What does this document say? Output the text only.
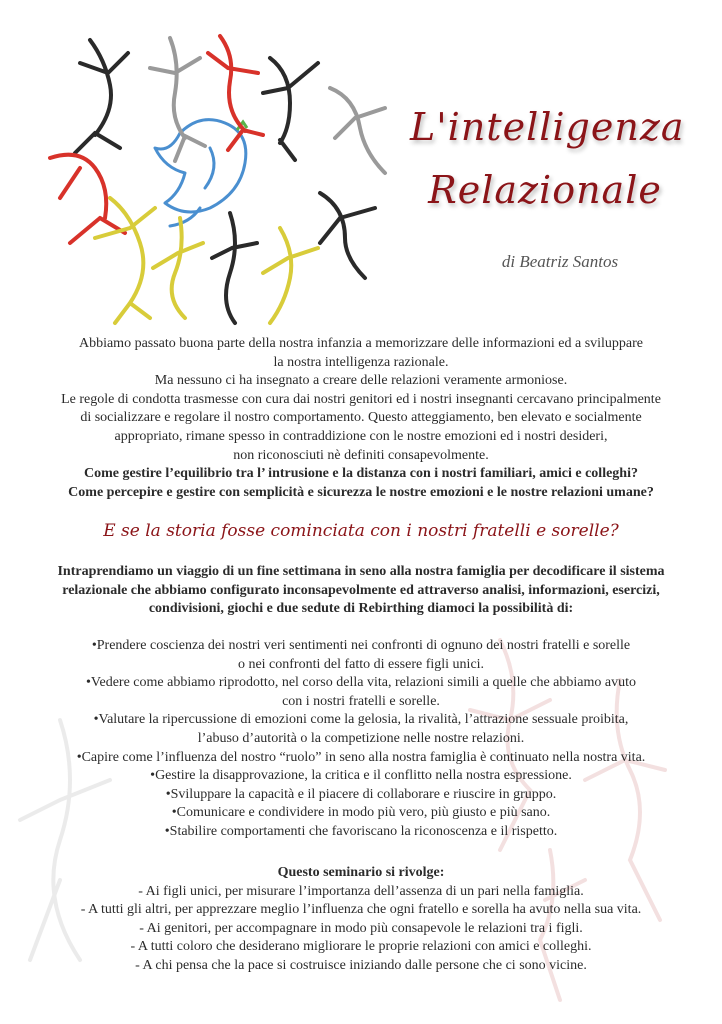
L'intelligenza
Relazionale
di Beatriz Santos
Abbiamo passato buona parte della nostra infanzia a memorizzare delle informazioni ed a sviluppare
la nostra intelligenza razionale.
Ma nessuno ci ha insegnato a creare delle relazioni veramente armoniose.
Le regole di condotta trasmesse con cura dai nostri genitori ed i nostri insegnanti cercavano principalmente
di socializzare e regolare il nostro comportamento. Questo atteggiamento, ben elevato e socialmente
appropriato, rimane spesso in contraddizione con le nostre emozioni ed i nostri desideri,
non riconosciuti nè definiti consapevolmente.
Come gestire l’equilibrio tra l’ intrusione e la distanza con i nostri familiari, amici e colleghi?
Come percepire e gestire con semplicità e sicurezza le nostre emozioni e le nostre relazioni umane?
E se la storia fosse cominciata con i nostri fratelli e sorelle?
Intraprendiamo un viaggio di un fine settimana in seno alla nostra famiglia per decodificare il sistema
relazionale che abbiamo configurato inconsapevolmente ed attraverso analisi, informazioni, esercizi,
condivisioni, giochi e due sedute di Rebirthing diamoci la possibilità di:
•Prendere coscienza dei nostri veri sentimenti nei confronti di ognuno dei nostri fratelli e sorelle
o nei confronti del fatto di essere figli unici.
•Vedere come abbiamo riprodotto, nel corso della vita, relazioni simili a quelle che abbiamo avuto
con i nostri fratelli e sorelle.
•Valutare la ripercussione di emozioni come la gelosia, la rivalità, l’attrazione sessuale proibita,
l’abuso d’autorità o la competizione nelle nostre relazioni.
•Capire come l’influenza del nostro “ruolo” in seno alla nostra famiglia è continuato nella nostra vita.
•Gestire la disapprovazione, la critica e il conflitto nella nostra espressione.
•Sviluppare la capacità e il piacere di collaborare e riuscire in gruppo.
•Comunicare e condividere in modo più vero, più giusto e più sano.
•Stabilire comportamenti che favoriscano la riconoscenza e il rispetto.
Questo seminario si rivolge:
- Ai figli unici, per misurare l’importanza dell’assenza di un pari nella famiglia.
- A tutti gli altri, per apprezzare meglio l’influenza che ogni fratello e sorella ha avuto nella sua vita.
- Ai genitori, per accompagnare in modo più consapevole le relazioni tra i figli.
- A tutti coloro che desiderano migliorare le proprie relazioni con amici e colleghi.
- A chi pensa che la pace si costruisce iniziando dalle persone che ci sono vicine.
